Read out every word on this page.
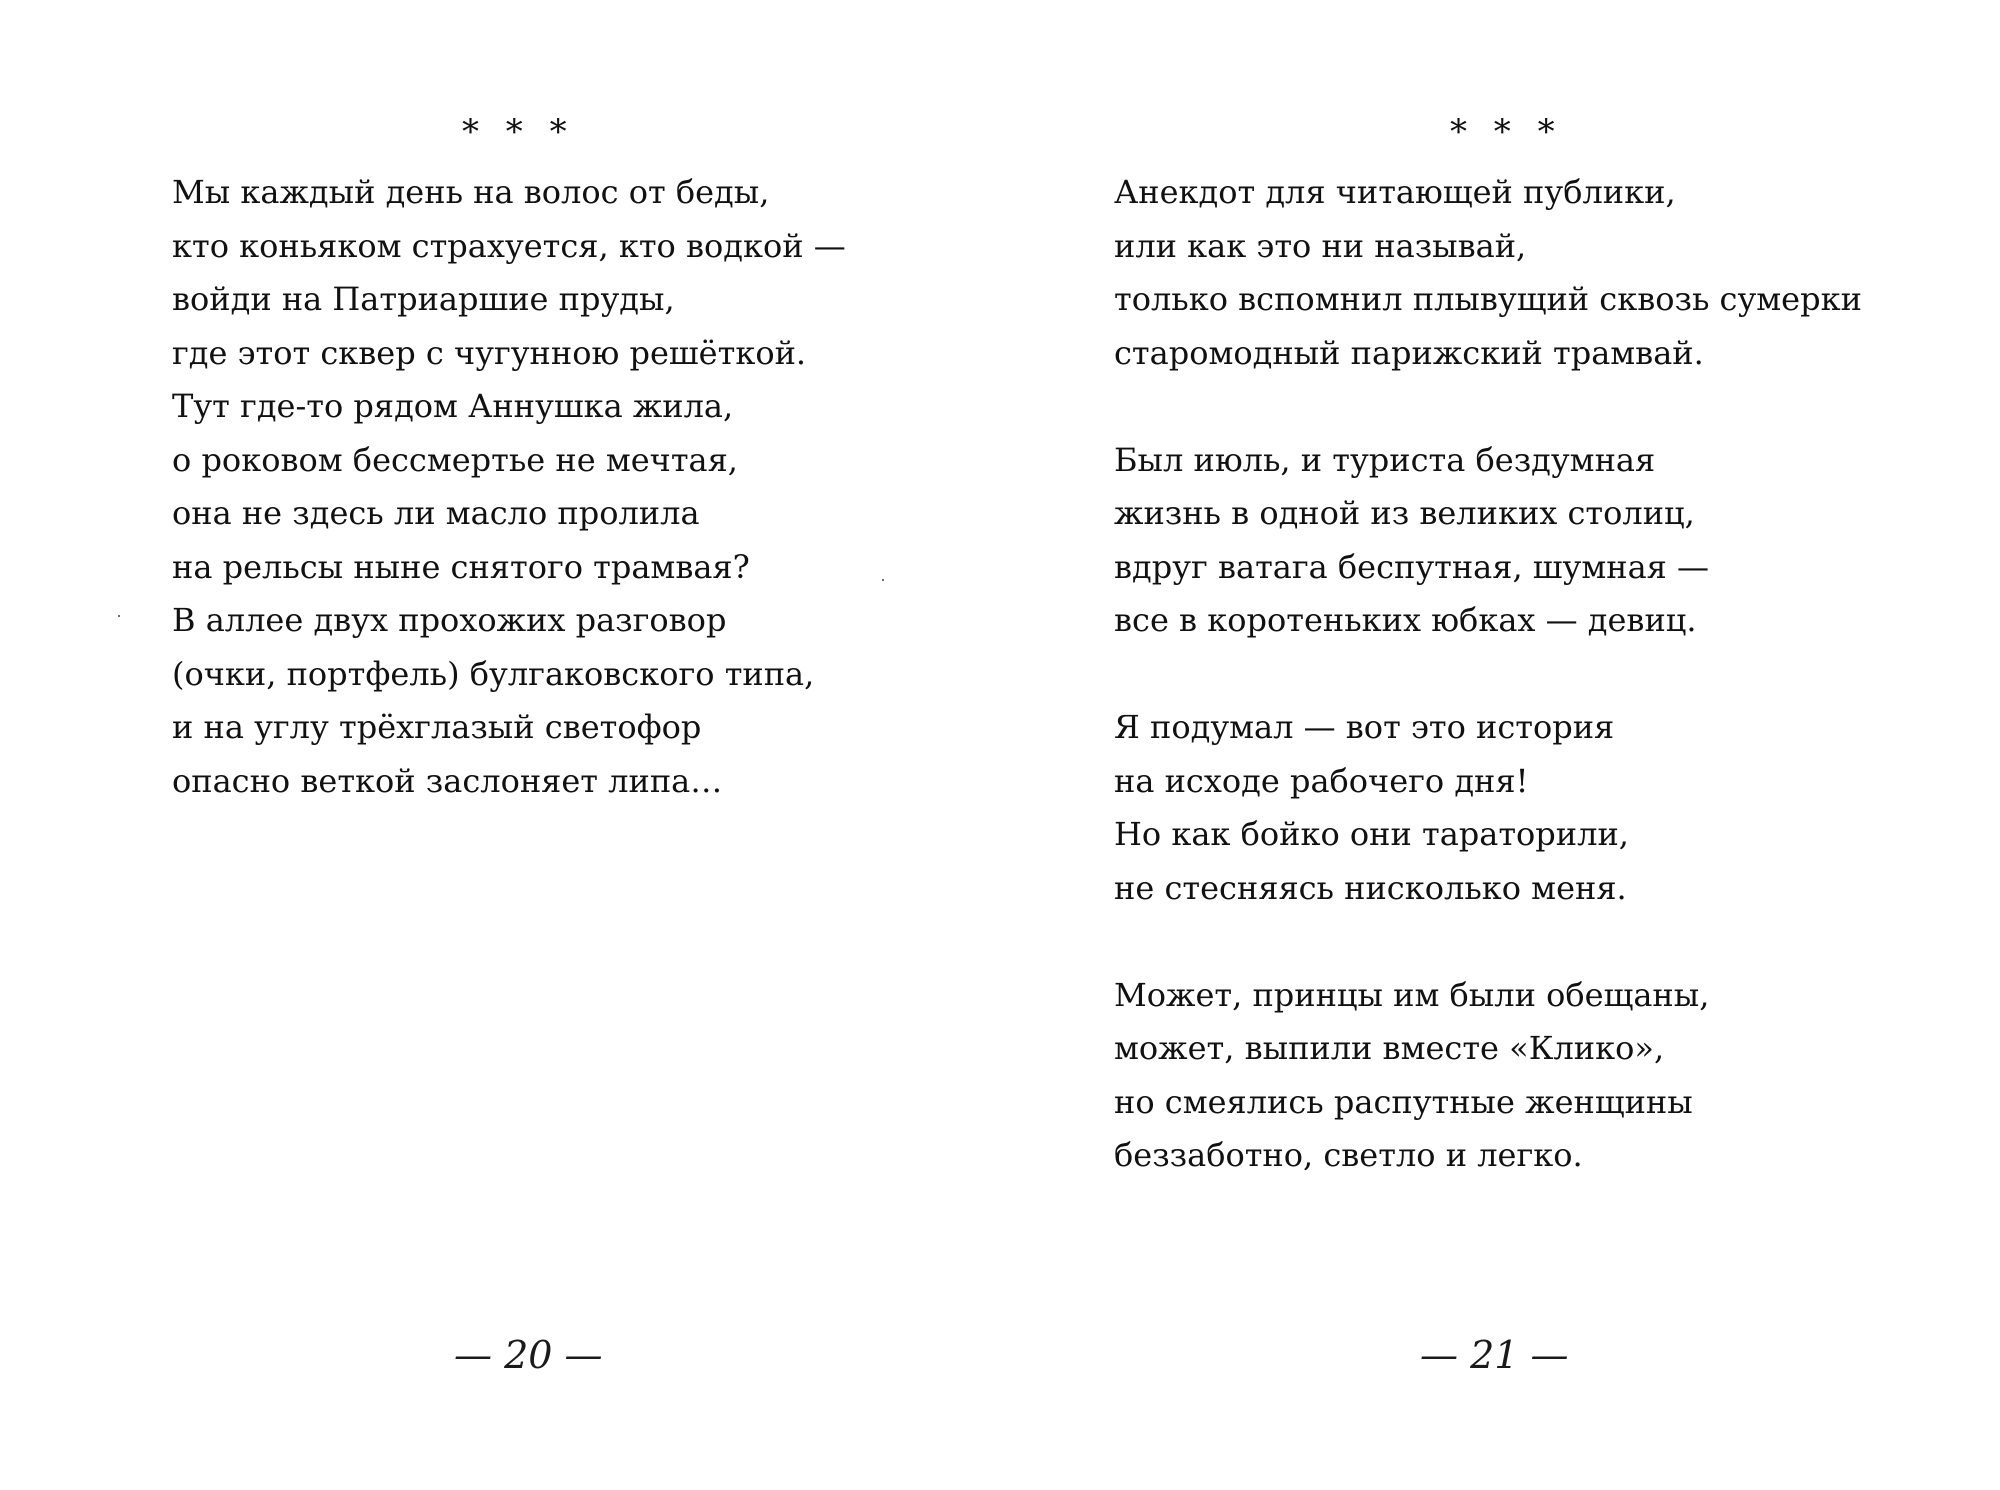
* * *
Мы каждый день на волос от беды,
кто коньяком страхуется, кто водкой —
войди на Патриаршие пруды,
где этот сквер с чугунною решёткой.
Тут где-то рядом Аннушка жила,
о роковом бессмертье не мечтая,
она не здесь ли масло пролила
на рельсы ныне снятого трамвая?
В аллее двух прохожих разговор
(очки, портфель) булгаковского типа,
и на углу трёхглазый светофор
опасно веткой заслоняет липа…
— 20 —
* * *
Анекдот для читающей публики,
или как это ни называй,
только вспомнил плывущий сквозь сумерки
старомодный парижский трамвай.
Был июль, и туриста бездумная
жизнь в одной из великих столиц,
вдруг ватага беспутная, шумная —
все в коротеньких юбках — девиц.
Я подумал — вот это история
на исходе рабочего дня!
Но как бойко они тараторили,
не стесняясь нисколько меня.
Может, принцы им были обещаны,
может, выпили вместе «Клико»,
но смеялись распутные женщины
беззаботно, светло и легко.
— 21 —
